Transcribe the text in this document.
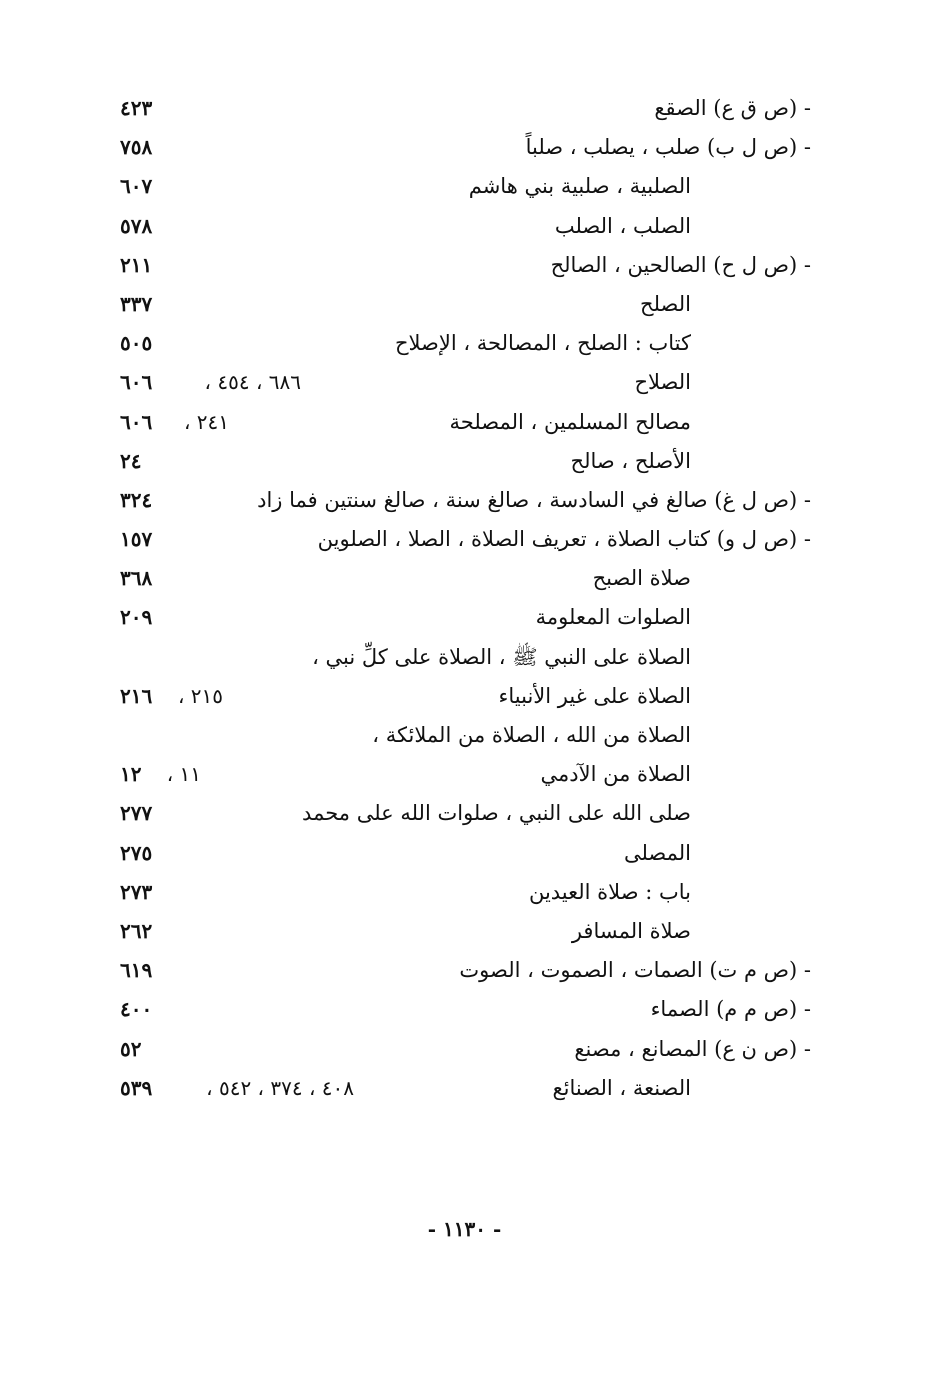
- (ص ق ع) الصقع
٤٢٣
- (ص ل ب) صلب ، يصلب ، صلباً
٧٥٨
الصلبية ، صلبية بني هاشم
٦٠٧
الصلب ، الصلب
٥٧٨
- (ص ل ح) الصالحين ، الصالح
٢١١
الصلح
٣٣٧
كتاب : الصلح ، المصالحة ، الإصلاح
٥٠٥
الصلاح
٦٨٦ ، ٤٥٤ ،
٦٠٦
مصالح المسلمين ، المصلحة
٢٤١ ،
٦٠٦
الأصلح ، صالح
٢٤
- (ص ل غ) صالغ في السادسة ، صالغ سنة ، صالغ سنتين فما زاد
٣٢٤
- (ص ل و) كتاب الصلاة ، تعريف الصلاة ، الصلا ، الصلوين
١٥٧
صلاة الصبح
٣٦٨
الصلوات المعلومة
٢٠٩
الصلاة على النبي ﷺ ، الصلاة على كلِّ نبي ،
الصلاة على غير الأنبياء
٢١٥ ،
٢١٦
الصلاة من الله ، الصلاة من الملائكة ،
الصلاة من الآدمي
١١ ،
١٢
صلى الله على النبي ، صلوات الله على محمد
٢٧٧
المصلى
٢٧٥
باب : صلاة العيدين
٢٧٣
صلاة المسافر
٢٦٢
- (ص م ت) الصمات ، الصموت ، الصوت
٦١٩
- (ص م م) الصماء
٤٠٠
- (ص ن ع) المصانع ، مصنع
٥٢
الصنعة ، الصنائع
٤٠٨ ، ٣٧٤ ، ٥٤٢ ،
٥٣٩
- ١١٣٠ -
